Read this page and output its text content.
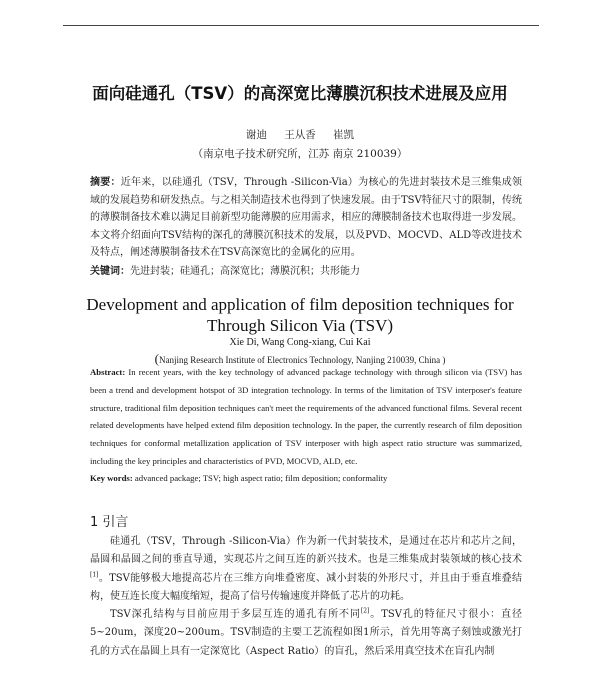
面向硅通孔（TSV）的高深宽比薄膜沉积技术进展及应用
谢迪 王从香 崔凯
（南京电子技术研究所，江苏 南京 210039）

摘要：近年来，以硅通孔（TSV，Through -Silicon-Via）为核心的先进封装技术是三维集成领域的发展趋势和研发热点。与之相关制造技术也得到了快速发展。由于TSV特征尺寸的限制，传统的薄膜制备技术难以满足目前新型功能薄膜的应用需求，相应的薄膜制备技术也取得进一步发展。本文将介绍面向TSV结构的深孔的薄膜沉积技术的发展，以及PVD、MOCVD、ALD等改进技术及特点，阐述薄膜制备技术在TSV高深宽比的金属化的应用。

关键词：先进封装；硅通孔；高深宽比；薄膜沉积；共形能力

Development and application of film deposition techniques for Through Silicon Via (TSV)
Xie Di, Wang Cong-xiang, Cui Kai
(Nanjing Research Institute of Electronics Technology, Nanjing 210039, China )

Abstract: In recent years, with the key technology of advanced package technology with through silicon via (TSV) has been a trend and development hotspot of 3D integration technology. In terms of the limitation of TSV interposer's feature structure, traditional film deposition techniques can't meet the requirements of the advanced functional films. Several recent related developments have helped extend film deposition technology. In the paper, the currently research of film deposition techniques for conformal metallization application of TSV interposer with high aspect ratio structure was summarized, including the key principles and characteristics of PVD, MOCVD, ALD, etc.

Key words: advanced package; TSV; high aspect ratio; film deposition; conformality

1 引言

硅通孔（TSV，Through -Silicon-Via）作为新一代封装技术，是通过在芯片和芯片之间，晶圆和晶圆之间的垂直导通，实现芯片之间互连的新兴技术。也是三维集成封装领域的核心技术[1]。TSV能够极大地提高芯片在三维方向堆叠密度、减小封装的外形尺寸，并且由于垂直堆叠结构，使互连长度大幅度缩短，提高了信号传输速度并降低了芯片的功耗。

TSV深孔结构与目前应用于多层互连的通孔有所不同[2]。TSV孔的特征尺寸很小：直径5~20um，深度20~200um。TSV制造的主要工艺流程如图1所示，首先用等离子刻蚀或激光打孔的方式在晶圆上具有一定深宽比（Aspect Ratio）的盲孔，然后采用真空技术在盲孔内制
